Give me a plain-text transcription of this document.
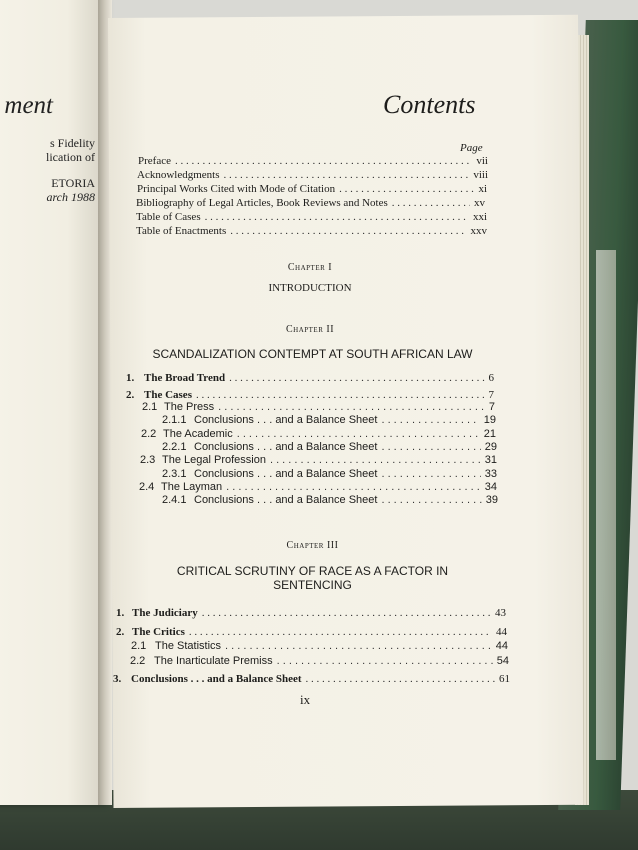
ment
s Fidelity
lication of
ETORIA
arch 1988
Contents
Page
Preface . . .	vii
Acknowledgments . . .	viii
Principal Works Cited with Mode of Citation . . .	xi
Bibliography of Legal Articles, Book Reviews and Notes . . .	xv
Table of Cases . . .	xxi
Table of Enactments . . .	xxv
Chapter I
INTRODUCTION
Chapter II
SCANDALIZATION CONTEMPT AT SOUTH AFRICAN LAW
1. The Broad Trend . . .	6
2. The Cases . . .	7
2.1 The Press . . .	7
2.1.1 Conclusions . . . and a Balance Sheet . . .	19
2.2 The Academic . . .	21
2.2.1 Conclusions . . . and a Balance Sheet . . .	29
2.3 The Legal Profession . . .	31
2.3.1 Conclusions . . . and a Balance Sheet . . .	33
2.4 The Layman . . .	34
2.4.1 Conclusions . . . and a Balance Sheet . . .	39
Chapter III
CRITICAL SCRUTINY OF RACE AS A FACTOR IN
SENTENCING
1. The Judiciary . . .	43
2. The Critics . . .	44
2.1 The Statistics . . .	44
2.2 The Inarticulate Premiss . . .	54
3. Conclusions . . . and a Balance Sheet . . .	61
ix
